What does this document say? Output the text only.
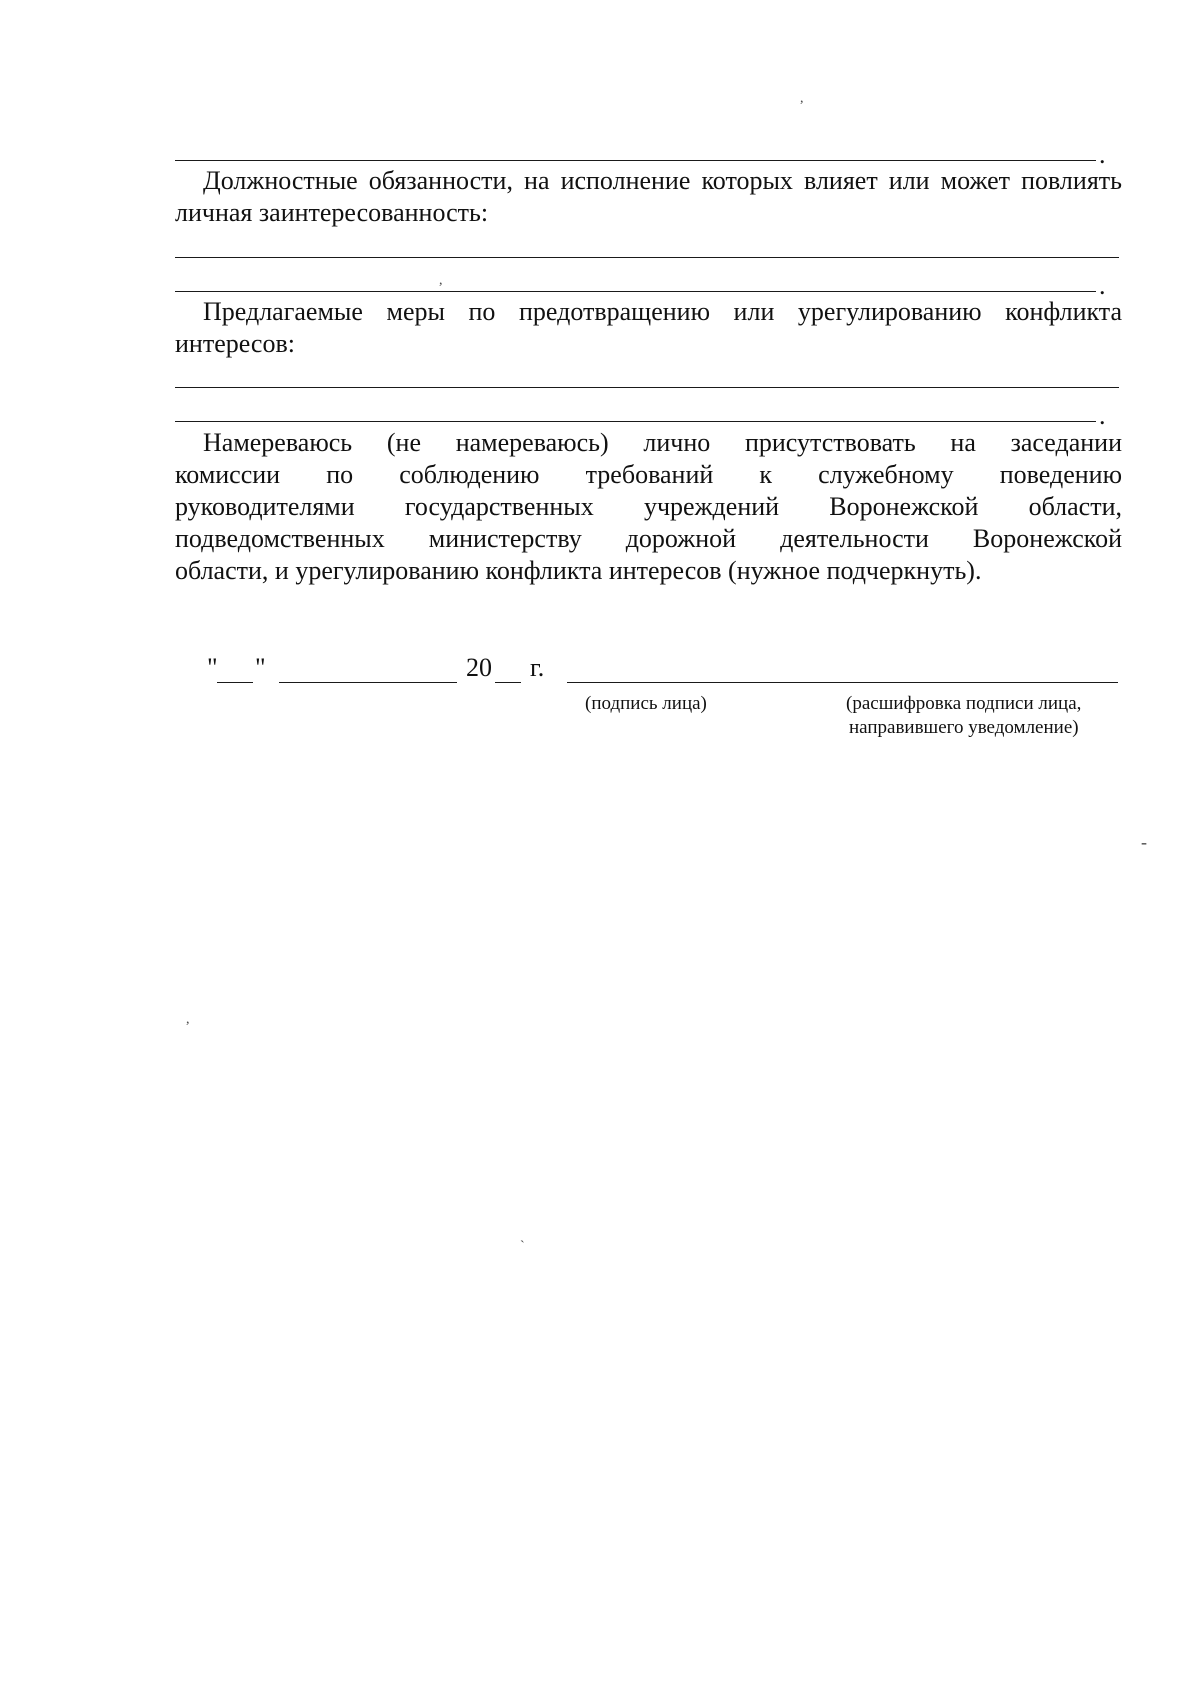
.

Должностные обязанности, на исполнение которых влияет или может повлиять личная заинтересованность:

.
,

Предлагаемые меры по предотвращению или урегулированию конфликта интересов:

.
Намереваюсь (не намереваюсь) лично присутствовать на заседании
комиссии по соблюдению требований к служебному поведению
руководителями государственных учреждений Воронежской области,
подведомственных министерству дорожной деятельности Воронежской
области, и урегулированию конфликта интересов (нужное подчеркнуть).
" "	20 г.
(подпись лица)	(расшифровка подписи лица,
направившего уведомление)
,
-
,
`
